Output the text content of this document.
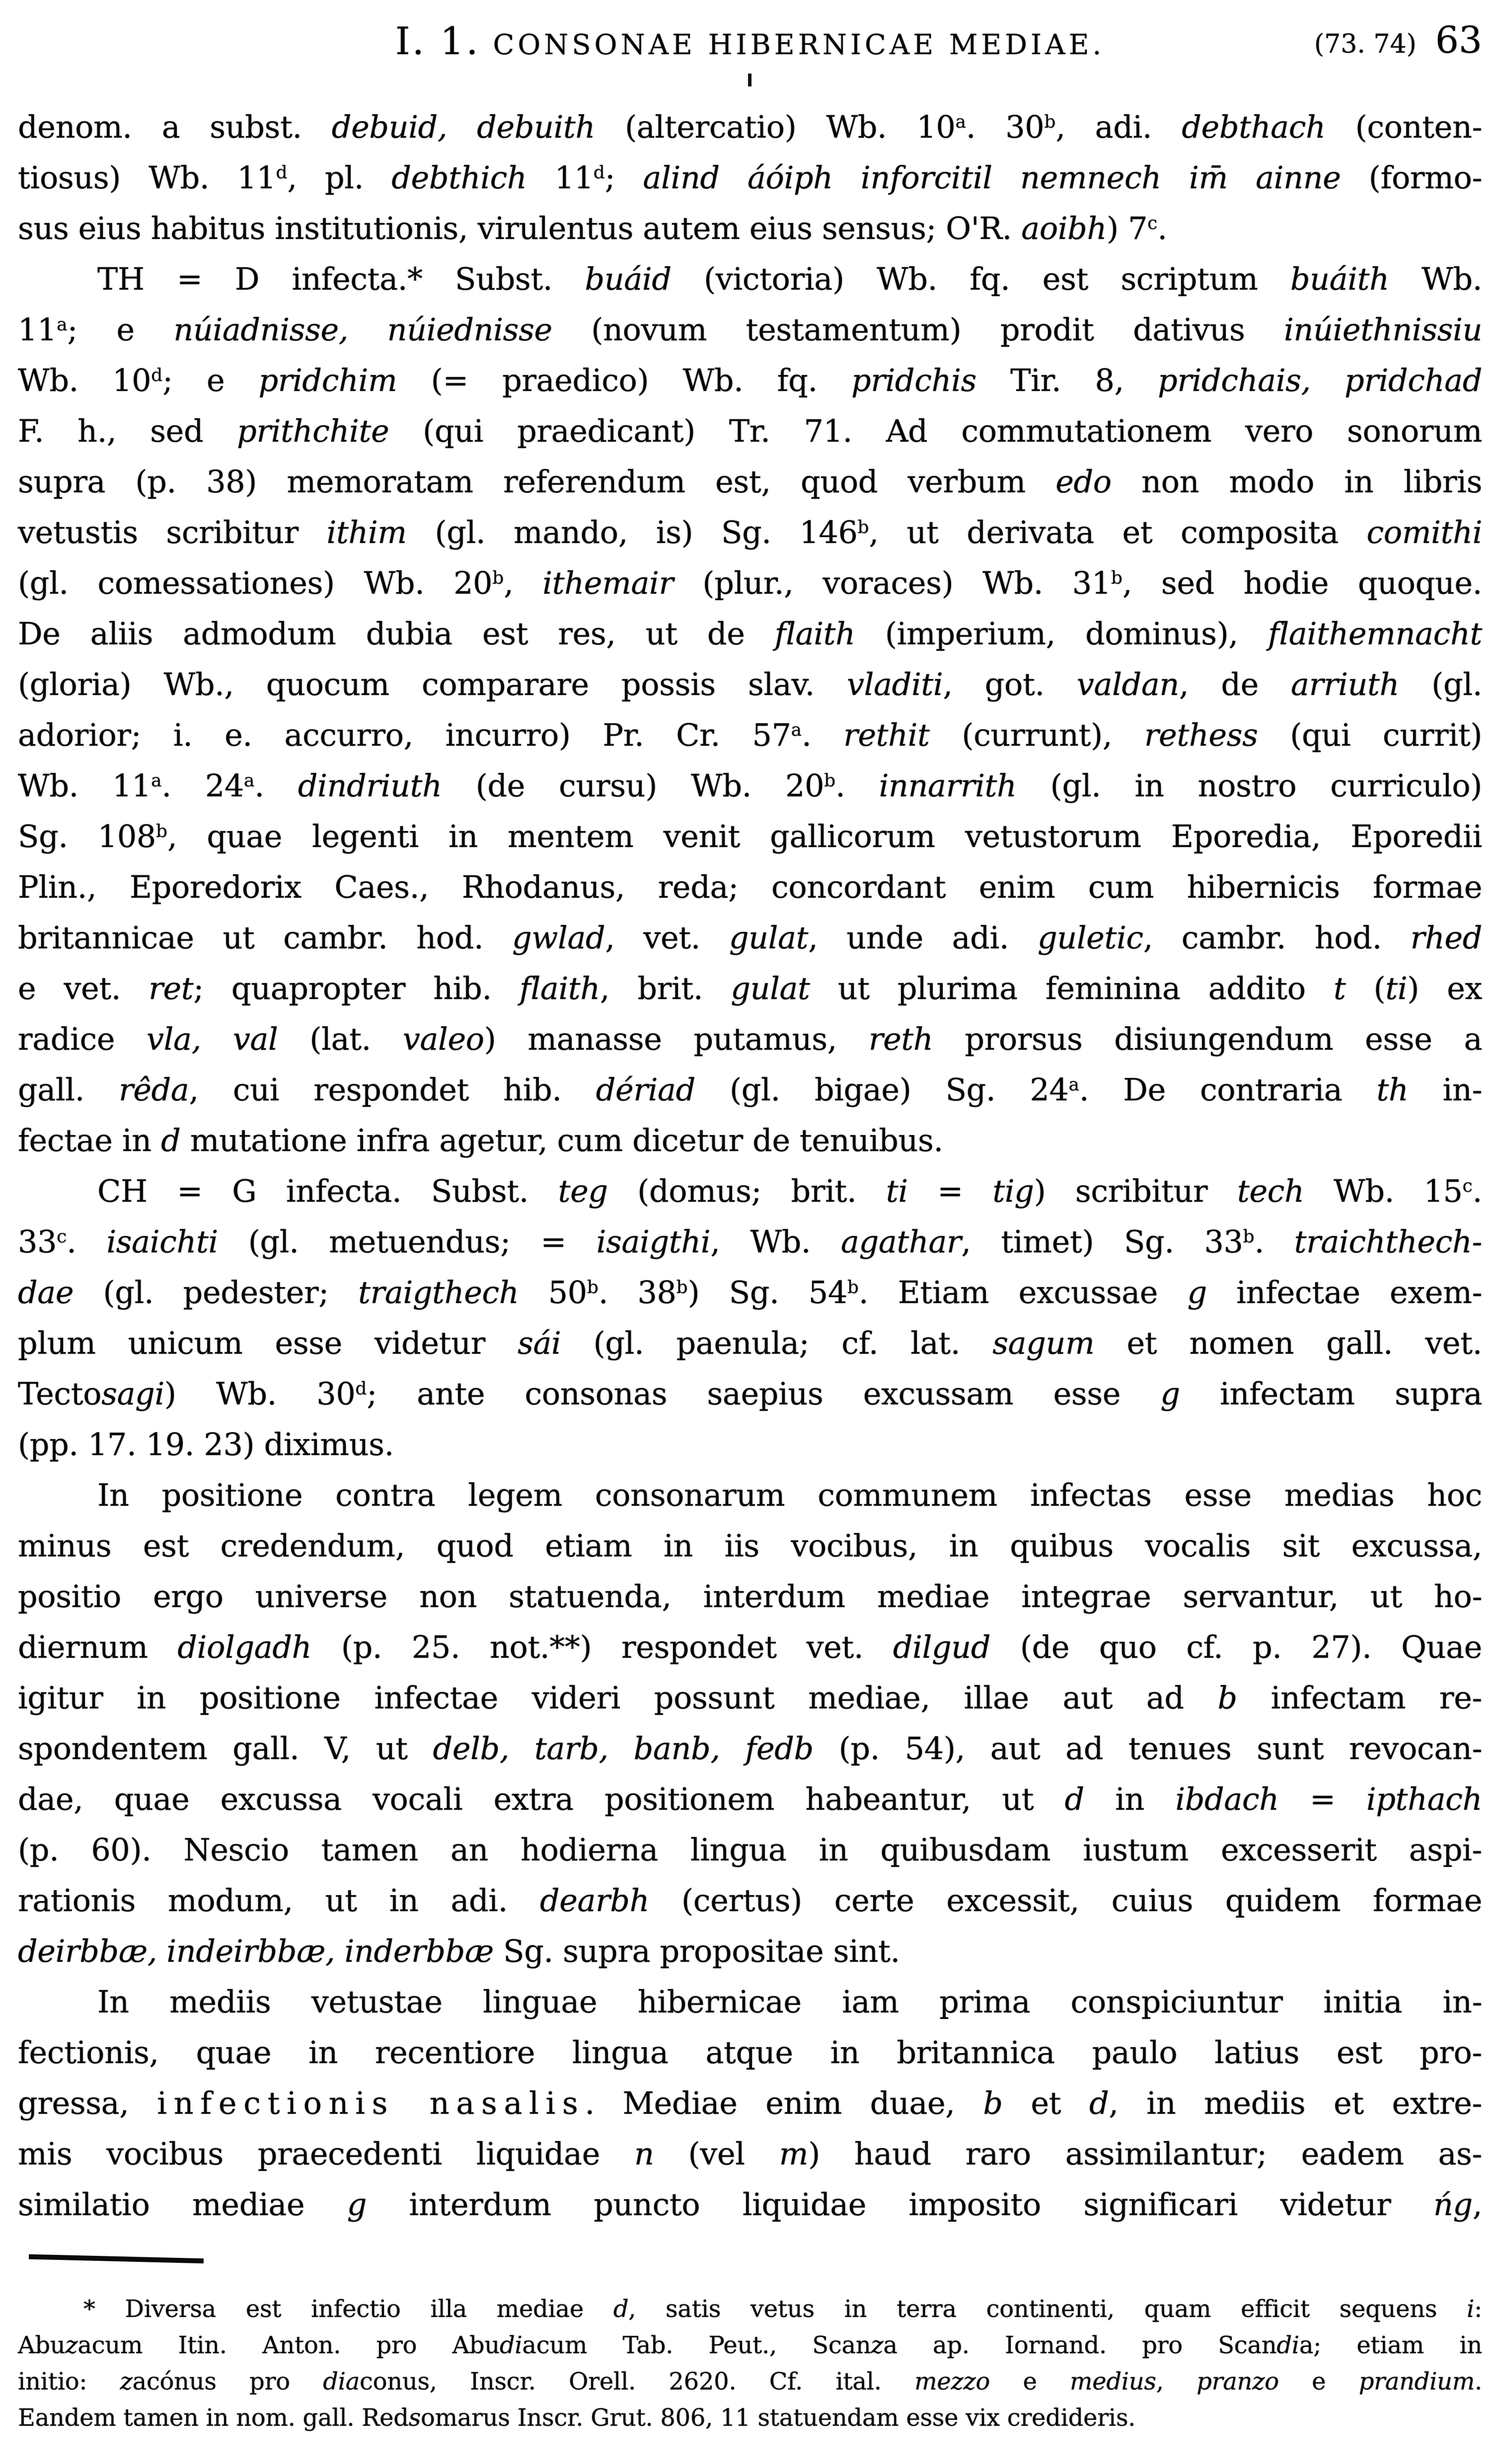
I. 1. CONSONAE HIBERNICAE MEDIAE.	(73. 74) 63
denom. a subst. debuid, debuith (altercatio) Wb. 10$^a$. 30$^b$, adi. debthach (conten-
tiosus) Wb. 11$^d$, pl. debthich 11$^d$; alind áóiph inforcitil nemnech im̄ ainne (formo-
sus eius habitus institutionis, virulentus autem eius sensus; O'R. aoibh) 7$^c$.
TH = D infecta.* Subst. buáid (victoria) Wb. fq. est scriptum buáith Wb.
11$^a$; e núiadnisse, núiednisse (novum testamentum) prodit dativus inúiethnissiu
Wb. 10$^d$; e pridchim (= praedico) Wb. fq. pridchis Tir. 8, pridchais, pridchad
F. h., sed prithchite (qui praedicant) Tr. 71. Ad commutationem vero sonorum
supra (p. 38) memoratam referendum est, quod verbum edo non modo in libris
vetustis scribitur ithim (gl. mando, is) Sg. 146$^b$, ut derivata et composita comithi
(gl. comessationes) Wb. 20$^b$, ithemair (plur., voraces) Wb. 31$^b$, sed hodie quoque.
De aliis admodum dubia est res, ut de flaith (imperium, dominus), flaithemnacht
(gloria) Wb., quocum comparare possis slav. vladiti, got. valdan, de arriuth (gl.
adorior; i. e. accurro, incurro) Pr. Cr. 57$^a$. rethit (currunt), rethess (qui currit)
Wb. 11$^a$. 24$^a$. dindriuth (de cursu) Wb. 20$^b$. innarrith (gl. in nostro curriculo)
Sg. 108$^b$, quae legenti in mentem venit gallicorum vetustorum Eporedia, Eporedii
Plin., Eporedorix Caes., Rhodanus, reda; concordant enim cum hibernicis formae
britannicae ut cambr. hod. gwlad, vet. gulat, unde adi. guletic, cambr. hod. rhed
e vet. ret; quapropter hib. flaith, brit. gulat ut plurima feminina addito t (ti) ex
radice vla, val (lat. valeo) manasse putamus, reth prorsus disiungendum esse a
gall. rêda, cui respondet hib. dériad (gl. bigae) Sg. 24$^a$. De contraria th in-
fectae in d mutatione infra agetur, cum dicetur de tenuibus.
CH = G infecta. Subst. teg (domus; brit. ti = tig) scribitur tech Wb. 15$^c$.
33$^c$. isaichti (gl. metuendus; = isaigthi, Wb. agathar, timet) Sg. 33$^b$. traichthech-
dae (gl. pedester; traigthech 50$^b$. 38$^b$) Sg. 54$^b$. Etiam excussae g infectae exem-
plum unicum esse videtur sái (gl. paenula; cf. lat. sagum et nomen gall. vet.
Tectosagi) Wb. 30$^d$; ante consonas saepius excussam esse g infectam supra
(pp. 17. 19. 23) diximus.
In positione contra legem consonarum communem infectas esse medias hoc
minus est credendum, quod etiam in iis vocibus, in quibus vocalis sit excussa,
positio ergo universe non statuenda, interdum mediae integrae servantur, ut ho-
diernum diolgadh (p. 25. not.**) respondet vet. dilgud (de quo cf. p. 27). Quae
igitur in positione infectae videri possunt mediae, illae aut ad b infectam re-
spondentem gall. V, ut delb, tarb, banb, fedb (p. 54), aut ad tenues sunt revocan-
dae, quae excussa vocali extra positionem habeantur, ut d in ibdach = ipthach
(p. 60). Nescio tamen an hodierna lingua in quibusdam iustum excesserit aspi-
rationis modum, ut in adi. dearbh (certus) certe excessit, cuius quidem formae
deirbbæ, indeirbbæ, inderbbæ Sg. supra propositae sint.
In mediis vetustae linguae hibernicae iam prima conspiciuntur initia in-
fectionis, quae in recentiore lingua atque in britannica paulo latius est pro-
gressa, infectionis nasalis. Mediae enim duae, b et d, in mediis et extre-
mis vocibus praecedenti liquidae n (vel m) haud raro assimilantur; eadem as-
similatio mediae g interdum puncto liquidae imposito significari videtur ńg,
* Diversa est infectio illa mediae d, satis vetus in terra continenti, quam efficit sequens i:
Abuzacum Itin. Anton. pro Abudiacum Tab. Peut., Scanza ap. Iornand. pro Scandia; etiam in
initio: zacónus pro diaconus, Inscr. Orell. 2620. Cf. ital. mezzo e medius, pranzo e prandium.
Eandem tamen in nom. gall. Redsomarus Inscr. Grut. 806, 11 statuendam esse vix credideris.
